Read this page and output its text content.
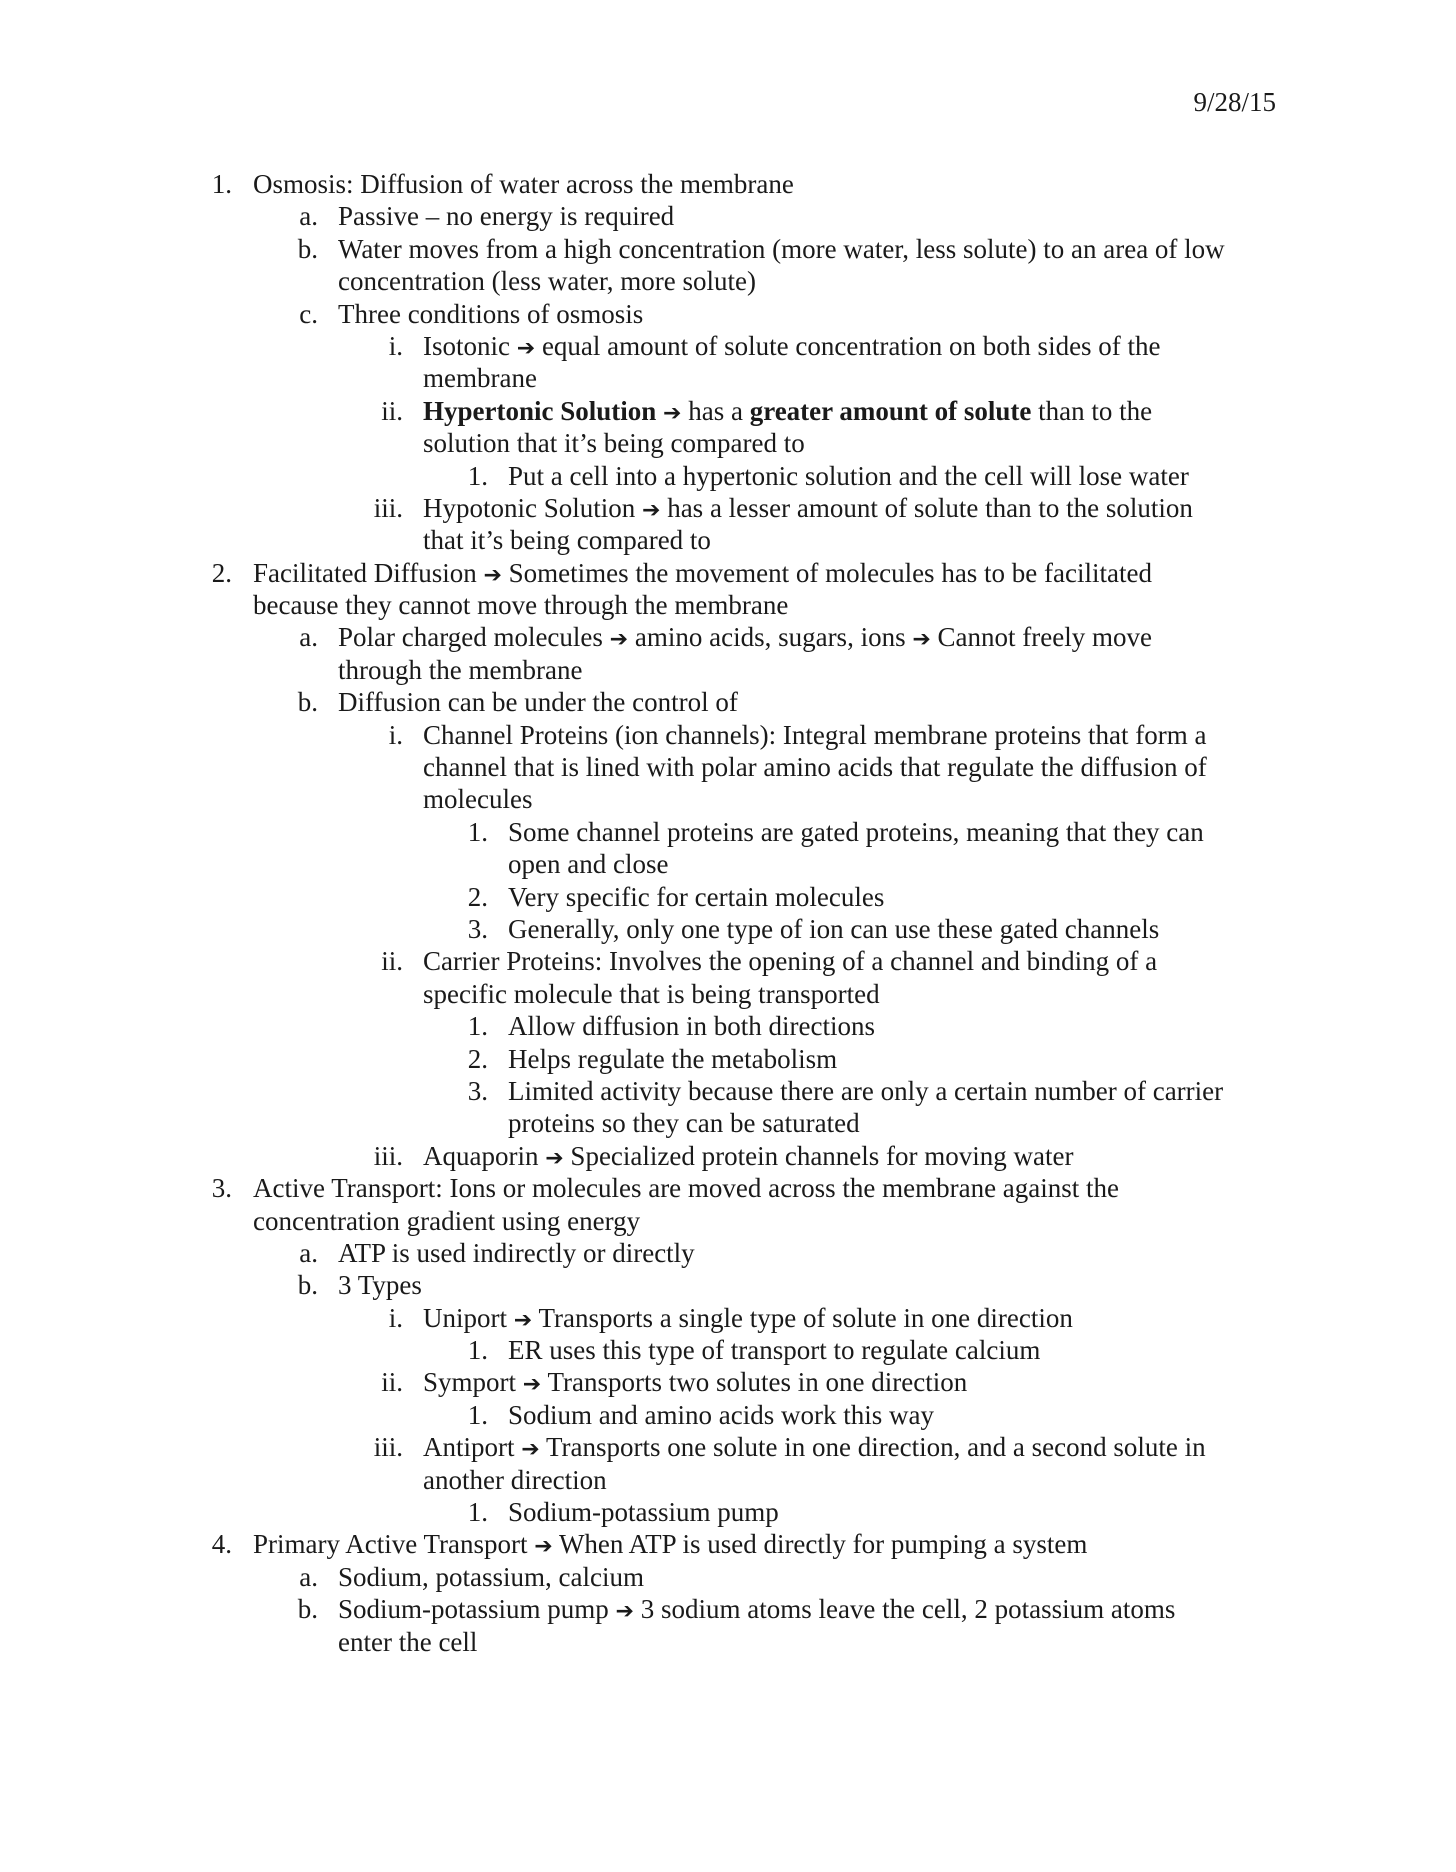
9/28/15
1. Osmosis: Diffusion of water across the membrane
a. Passive – no energy is required
b. Water moves from a high concentration (more water, less solute) to an area of low
concentration (less water, more solute)
c. Three conditions of osmosis
i. Isotonic ➔ equal amount of solute concentration on both sides of the
membrane
ii. Hypertonic Solution ➔ has a greater amount of solute than to the
solution that it’s being compared to
1. Put a cell into a hypertonic solution and the cell will lose water
iii. Hypotonic Solution ➔ has a lesser amount of solute than to the solution
that it’s being compared to
2. Facilitated Diffusion ➔ Sometimes the movement of molecules has to be facilitated
because they cannot move through the membrane
a. Polar charged molecules ➔ amino acids, sugars, ions ➔ Cannot freely move
through the membrane
b. Diffusion can be under the control of
i. Channel Proteins (ion channels): Integral membrane proteins that form a
channel that is lined with polar amino acids that regulate the diffusion of
molecules
1. Some channel proteins are gated proteins, meaning that they can
open and close
2. Very specific for certain molecules
3. Generally, only one type of ion can use these gated channels
ii. Carrier Proteins: Involves the opening of a channel and binding of a
specific molecule that is being transported
1. Allow diffusion in both directions
2. Helps regulate the metabolism
3. Limited activity because there are only a certain number of carrier
proteins so they can be saturated
iii. Aquaporin ➔ Specialized protein channels for moving water
3. Active Transport: Ions or molecules are moved across the membrane against the
concentration gradient using energy
a. ATP is used indirectly or directly
b. 3 Types
i. Uniport ➔ Transports a single type of solute in one direction
1. ER uses this type of transport to regulate calcium
ii. Symport ➔ Transports two solutes in one direction
1. Sodium and amino acids work this way
iii. Antiport ➔ Transports one solute in one direction, and a second solute in
another direction
1. Sodium-potassium pump
4. Primary Active Transport ➔ When ATP is used directly for pumping a system
a. Sodium, potassium, calcium
b. Sodium-potassium pump ➔ 3 sodium atoms leave the cell, 2 potassium atoms
enter the cell
